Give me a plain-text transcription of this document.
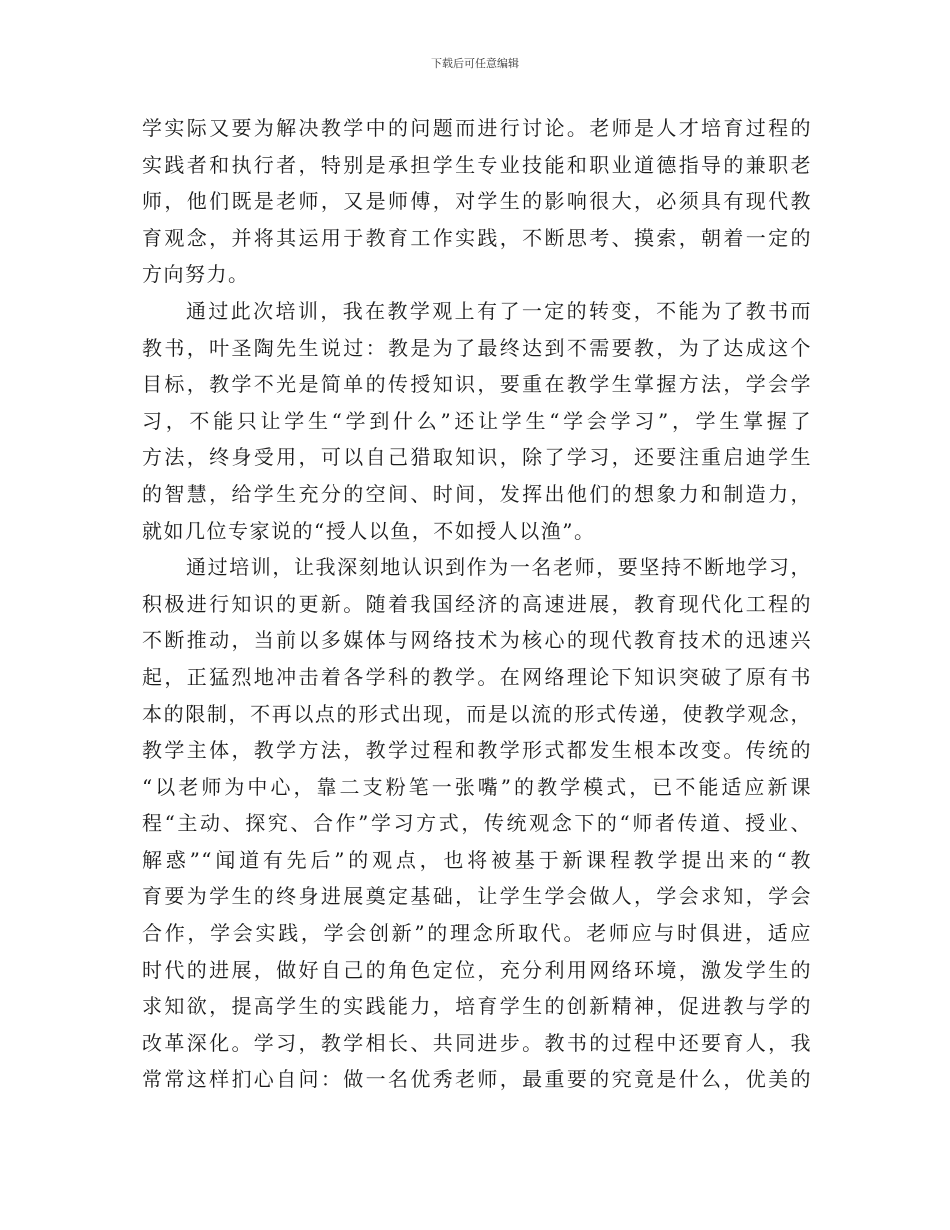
下载后可任意编辑
学实际又要为解决教学中的问题而进行讨论。老师是人才培育过程的
实践者和执行者，特别是承担学生专业技能和职业道德指导的兼职老
师，他们既是老师，又是师傅，对学生的影响很大，必须具有现代教
育观念，并将其运用于教育工作实践，不断思考、摸索，朝着一定的
方向努力。
通过此次培训，我在教学观上有了一定的转变，不能为了教书而
教书，叶圣陶先生说过：教是为了最终达到不需要教，为了达成这个
目标，教学不光是简单的传授知识，要重在教学生掌握方法，学会学
习，不能只让学生“学到什么”还让学生“学会学习”，学生掌握了
方法，终身受用，可以自己猎取知识，除了学习，还要注重启迪学生
的智慧，给学生充分的空间、时间，发挥出他们的想象力和制造力，
就如几位专家说的“授人以鱼，不如授人以渔”。
通过培训，让我深刻地认识到作为一名老师，要坚持不断地学习，
积极进行知识的更新。随着我国经济的高速进展，教育现代化工程的
不断推动，当前以多媒体与网络技术为核心的现代教育技术的迅速兴
起，正猛烈地冲击着各学科的教学。在网络理论下知识突破了原有书
本的限制，不再以点的形式出现，而是以流的形式传递，使教学观念，
教学主体，教学方法，教学过程和教学形式都发生根本改变。传统的
“以老师为中心，靠二支粉笔一张嘴”的教学模式，已不能适应新课
程“主动、探究、合作”学习方式，传统观念下的“师者传道、授业、
解惑”“闻道有先后”的观点，也将被基于新课程教学提出来的“教
育要为学生的终身进展奠定基础，让学生学会做人，学会求知，学会
合作，学会实践，学会创新”的理念所取代。老师应与时俱进，适应
时代的进展，做好自己的角色定位，充分利用网络环境，激发学生的
求知欲，提高学生的实践能力，培育学生的创新精神，促进教与学的
改革深化。学习，教学相长、共同进步。教书的过程中还要育人，我
常常这样扪心自问：做一名优秀老师，最重要的究竟是什么，优美的
